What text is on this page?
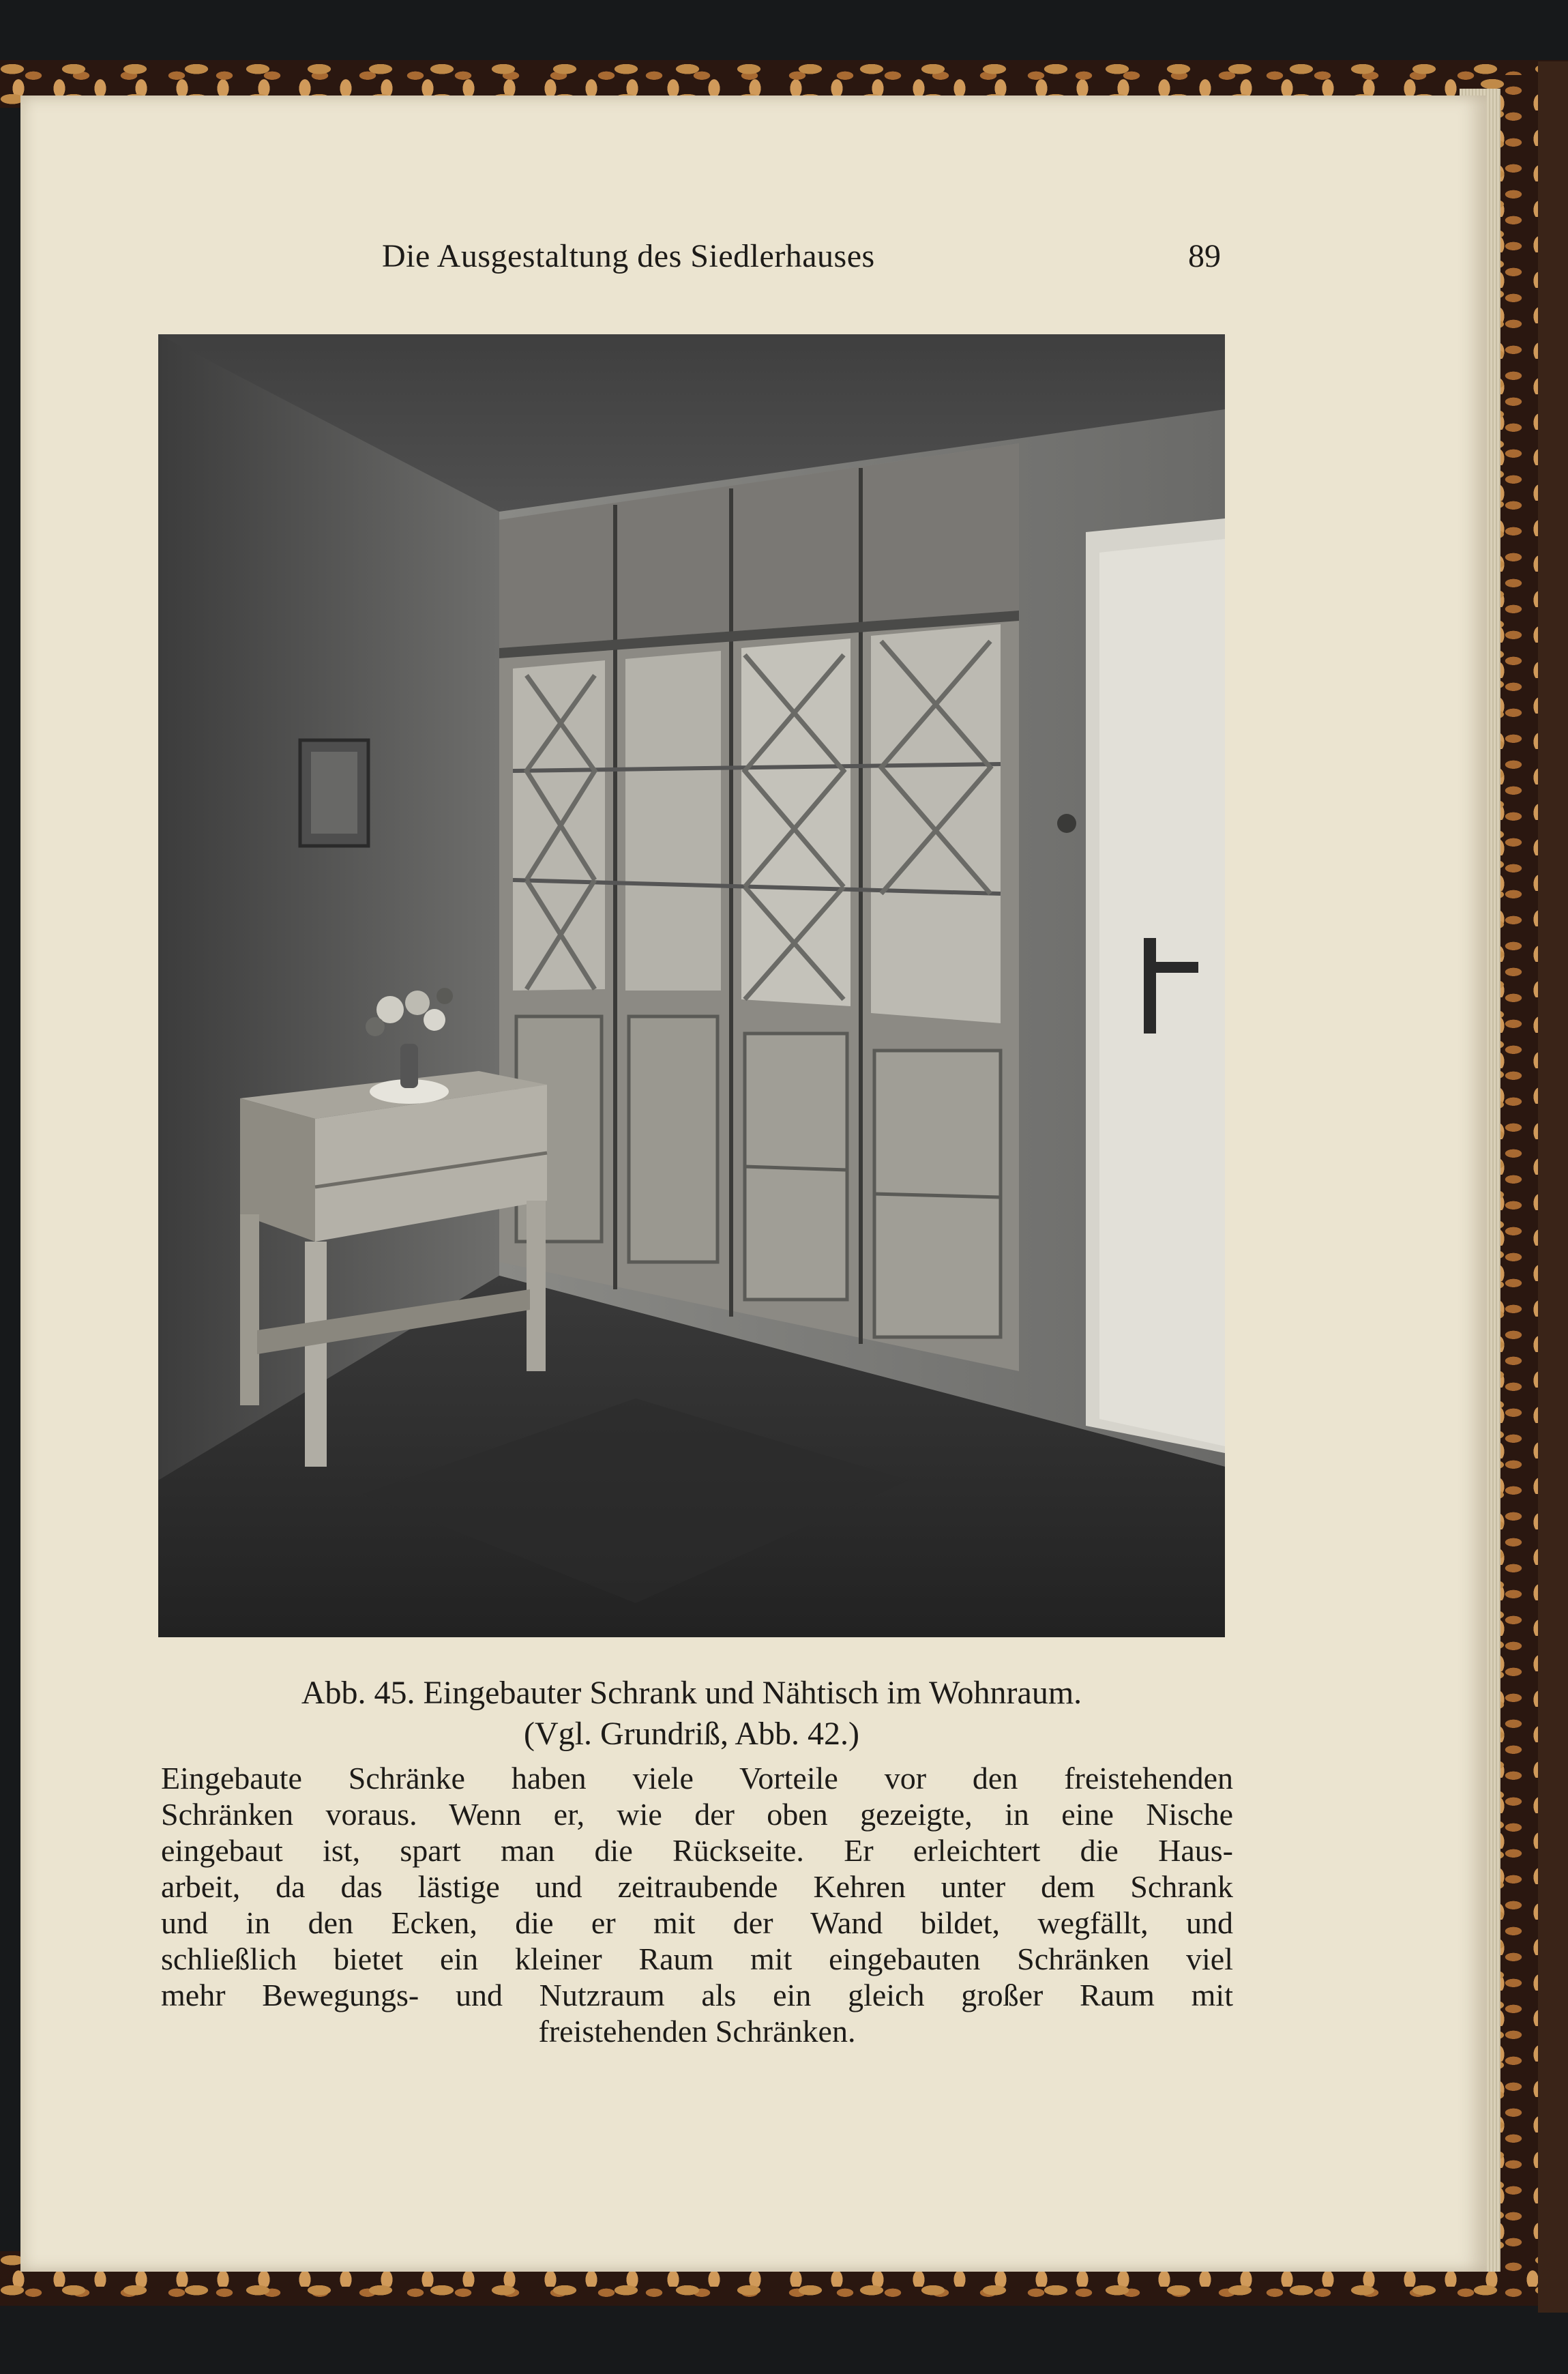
Die Ausgestaltung des Siedlerhauses	89
Abb. 45. Eingebauter Schrank und Nähtisch im Wohnraum.
(Vgl. Grundriß, Abb. 42.)
Eingebaute Schränke haben viele Vorteile vor den freistehenden
Schränken voraus. Wenn er, wie der oben gezeigte, in eine Nische
eingebaut ist, spart man die Rückseite. Er erleichtert die Haus-
arbeit, da das lästige und zeitraubende Kehren unter dem Schrank
und in den Ecken, die er mit der Wand bildet, wegfällt, und
schließlich bietet ein kleiner Raum mit eingebauten Schränken viel
mehr Bewegungs- und Nutzraum als ein gleich großer Raum mit
freistehenden Schränken.
